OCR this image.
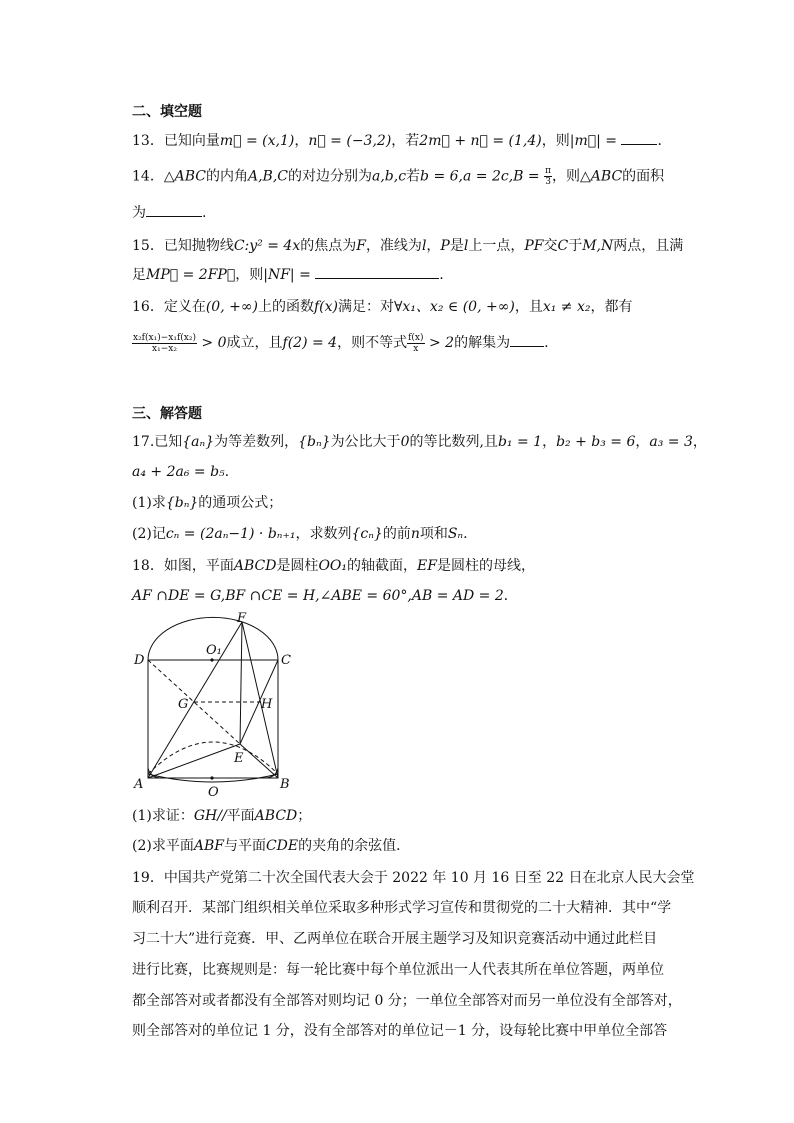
二、填空题
13．已知向量m⃗ = (x,1)，n⃗ = (−3,2)，若2m⃗ + n⃗ = (1,4)，则|m⃗| =	．
14．△ABC的内角A,B,C的对边分别为a,b,c若$b = 6,a = 2c,B = \frac{\pi}{3}$ ，则△ABC的面积
为	.
15．已知抛物线C:y² = 4x的焦点为F，准线为l，P是l上一点，PF交C于M,N两点，且满
足MP⃗ = 2FP⃗，则|NF| =	.
16．定义在(0, +∞)上的函数f(x)满足：对∀x₁、x₂ ∈ (0, +∞)，且x₁ ≠ x₂，都有
$\frac{\text{x₂f(x₁)−x₁f(x₂)}}{\text{x₁−x₂}} > 0$成立，且f(2) = 4，则不等式 $\frac{f(x)}{x} > 2$的解集为 .
三、解答题
17.已知{aₙ}为等差数列，{bₙ}为公比大于0的等比数列,且b₁ = 1，b₂ + b₃ = 6，a₃ = 3，
a₄ + 2a₆ = b₅.
(1)求{bₙ}的通项公式；
(2)记cₙ = (2aₙ−1) · bₙ₊₁，求数列{cₙ}的前n项和Sₙ.
18．如图，平面ABCD是圆柱OO₁的轴截面，EF是圆柱的母线，
AF ∩DE = G,BF ∩CE = H,∠ABE = 60°,AB = AD = 2．
F
O₁
D	C
G	H
E
A
O
B
(1)求证：GH//平面ABCD；
(2)求平面ABF与平面CDE的夹角的余弦值．
19．中国共产党第二十次全国代表大会于 2022 年 10 月 16 日至 22 日在北京人民大会堂
顺利召开．某部门组织相关单位采取多种形式学习宣传和贯彻党的二十大精神．其中“学
习二十大”进行竞赛．甲、乙两单位在联合开展主题学习及知识竞赛活动中通过此栏目
进行比赛，比赛规则是：每一轮比赛中每个单位派出一人代表其所在单位答题，两单位
都全部答对或者都没有全部答对则均记 0 分；一单位全部答对而另一单位没有全部答对，
则全部答对的单位记 1 分，没有全部答对的单位记－1 分，设每轮比赛中甲单位全部答
